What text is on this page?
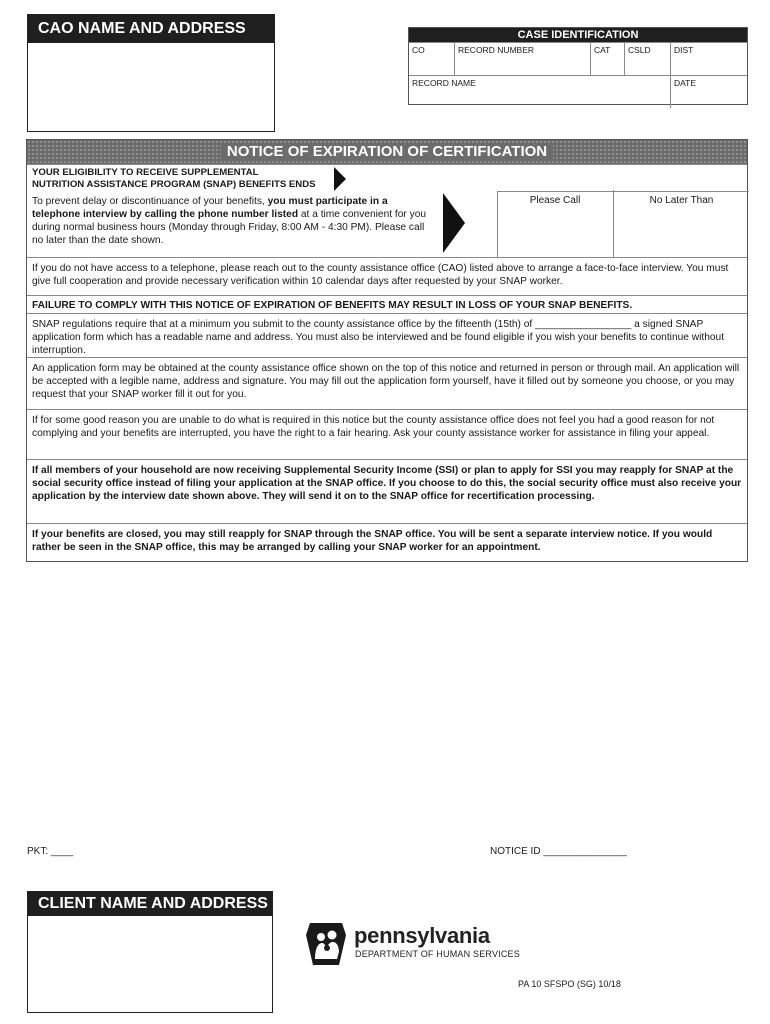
CAO NAME AND ADDRESS	CASE IDENTIFICATION
CO	RECORD NUMBER	CAT	CSLD	DIST
RECORD NAME	DATE
NOTICE OF EXPIRATION OF CERTIFICATION
YOUR ELIGIBILITY TO RECEIVE SUPPLEMENTAL
NUTRITION ASSISTANCE PROGRAM (SNAP) BENEFITS ENDS
To prevent delay or discontinuance of your benefits, you must participate in a telephone interview by calling the phone number listed at a time convenient for you during normal business hours (Monday through Friday, 8:00 AM - 4:30 PM). Please call no later than the date shown.
Please Call	No Later Than
If you do not have access to a telephone, please reach out to the county assistance office (CAO) listed above to arrange a face-to-face interview. You must give full cooperation and provide necessary verification within 10 calendar days after requested by your SNAP worker.
FAILURE TO COMPLY WITH THIS NOTICE OF EXPIRATION OF BENEFITS MAY RESULT IN LOSS OF YOUR SNAP BENEFITS.
SNAP regulations require that at a minimum you submit to the county assistance office by the fifteenth (15th) of _________________ a signed SNAP application form which has a readable name and address. You must also be interviewed and be found eligible if you wish your benefits to continue without interruption.
An application form may be obtained at the county assistance office shown on the top of this notice and returned in person or through mail. An application will be accepted with a legible name, address and signature. You may fill out the application form yourself, have it filled out by someone you choose, or you may request that your SNAP worker fill it out for you.
If for some good reason you are unable to do what is required in this notice but the county assistance office does not feel you had a good reason for not complying and your benefits are interrupted, you have the right to a fair hearing. Ask your county assistance worker for assistance in filing your appeal.
If all members of your household are now receiving Supplemental Security Income (SSI) or plan to apply for SSI you may reapply for SNAP at the social security office instead of filing your application at the SNAP office. If you choose to do this, the social security office must also receive your application by the interview date shown above. They will send it on to the SNAP office for recertification processing.
If your benefits are closed, you may still reapply for SNAP through the SNAP office. You will be sent a separate interview notice. If you would rather be seen in the SNAP office, this may be arranged by calling your SNAP worker for an appointment.
PKT: ____	NOTICE ID _______________
CLIENT NAME AND ADDRESS
pennsylvania
DEPARTMENT OF HUMAN SERVICES
PA 10 SFSPO (SG) 10/18
